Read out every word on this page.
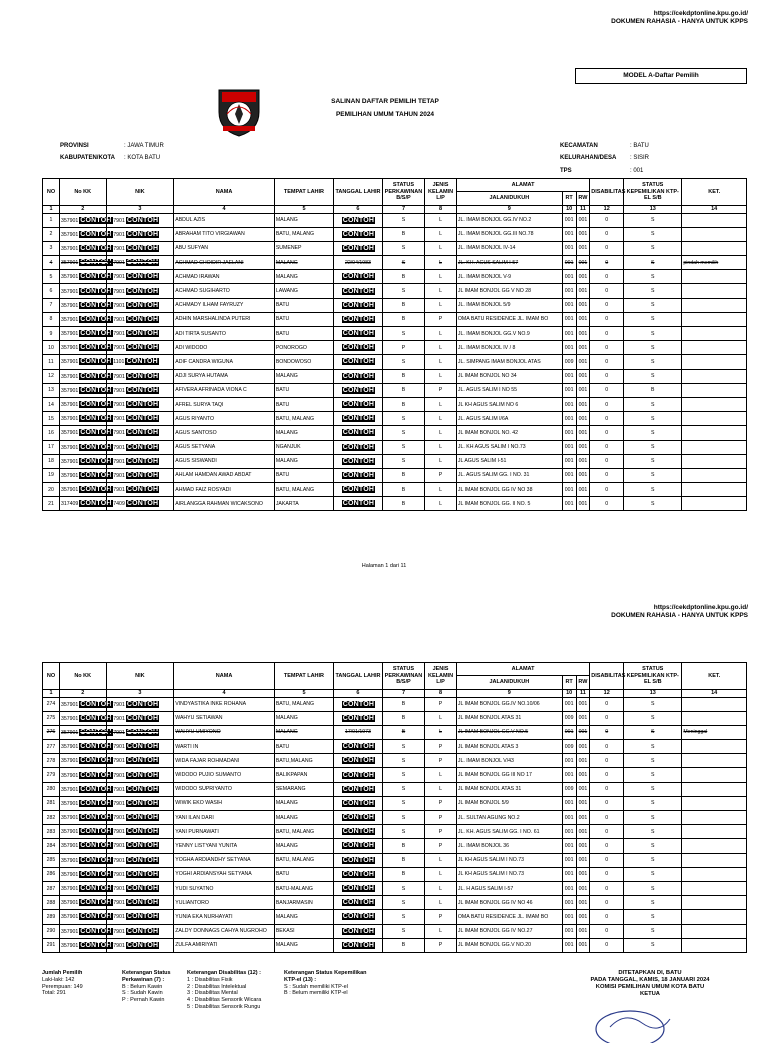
https://cekdptonline.kpu.go.id/
DOKUMEN RAHASIA - HANYA UNTUK KPPS
MODEL A-Daftar Pemilih
SALINAN DAFTAR PEMILIH TETAP
PEMILIHAN UMUM TAHUN 2024
PROVINSI	: JAWA TIMUR
KABUPATEN/KOTA : KOTA BATU
KECAMATAN	: BATU
KELURAHAN/DESA : SISIR
TPS	: 001
NO	No KK	NIK	NAMA	TEMPAT LAHIR	TANGGAL LAHIR	STATUS PERKAWINAN B/S/P	JENIS KELAMIN L/P	ALAMAT			DISABILITAS	STATUS KEPEMILIKAN KTP-EL S/B	KET.
								JALAN/DUKUH	RT	RW			
1	2	3	4	5	6	7	8	9	10	11	12	13	14
1	357901 CONTOH	357901 CONTOH	ABDUL AZIS	MALANG	CONTOH	S	L	JL. IMAM BONJOL GG.IV NO.2	001	001	0	S	
2	357901 CONTOH	357901 CONTOH	ABRAHAM TITO VIRGIAWAN	BATU, MALANG	CONTOH	B	L	JL. IMAM BONJOL GG.III NO.78	001	001	0	S	
3	357901 CONTOH	357901 CONTOH	ABU SUFYAN	SUMENEP	CONTOH	S	L	JL. IMAM BONJOL IV-14	001	001	0	S	
4	357901 CONTOH	357901 CONTOH	ACHMAD CHOIDIR JAELANI	MALANG	22/04/1983	S	L	JL. KH. AGUS SALIM I-57	001	001	0	S	pindah memilih
5	357901 CONTOH	357901 CONTOH	ACHMAD IRAWAN	MALANG	CONTOH	B	L	JL. IMAM BONJOL V-9	001	001	0	S	
6	357901 CONTOH	357901 CONTOH	ACHMAD SUGIHARTO	LAWANG	CONTOH	S	L	JL IMAM BONJOL GG V NO 28	001	001	0	S	
7	357901 CONTOH	357901 CONTOH	ACHMADY ILHAM FAYRUZY	BATU	CONTOH	B	L	JL. IMAM BONJOL 5/9	001	001	0	S	
8	357901 CONTOH	357901 CONTOH	ADHIN MARSHALINDA PUTERI	BATU	CONTOH	B	P	OMA BATU RESIDENCE JL. IMAM BO	001	001	0	S	
9	357901 CONTOH	357901 CONTOH	ADI TIRTA SUSANTO	BATU	CONTOH	S	L	JL. IMAM BONJOL GG.V NO.9	001	001	0	S	
10	357901 CONTOH	357901 CONTOH	ADI WIDODO	PONOROGO	CONTOH	P	L	JL. IMAM BONJOL IV / 8	001	001	0	S	
11	357901 CONTOH	351101 CONTOH	ADIF CANDRA WIGUNA	BONDOWOSO	CONTOH	S	L	JL. SIMPANG IMAM BONJOL ATAS	009	001	0	S	
12	357901 CONTOH	357901 CONTOH	ADJI SURYA HUTAMA	MALANG	CONTOH	B	L	JL IMAM BONJOL NO 34	001	001	0	S	
13	357901 CONTOH	357901 CONTOH	AFIVERA AFRINADA VIONA C	BATU	CONTOH	B	P	JL. AGUS SALIM I NO 55	001	001	0	B	
14	357901 CONTOH	357901 CONTOH	AFREL SURYA TAQI	BATU	CONTOH	B	L	JL KH AGUS SALIM NO 6	001	001	0	S	
15	357901 CONTOH	357901 CONTOH	AGUS RIYANTO	BATU, MALANG	CONTOH	S	L	JL. AGUS SALIM I/6A	001	001	0	S	
16	357901 CONTOH	357901 CONTOH	AGUS SANTOSO	MALANG	CONTOH	S	L	JL IMAM BONJOL NO. 42	001	001	0	S	
17	357901 CONTOH	357901 CONTOH	AGUS SETYANA	NGANJUK	CONTOH	S	L	JL. KH AGUS SALIM I NO.73	001	001	0	S	
18	357901 CONTOH	357901 CONTOH	AGUS SISWANDI	MALANG	CONTOH	S	L	JL AGUS SALIM I-51	001	001	0	S	
19	357901 CONTOH	357901 CONTOH	AHLAM HAMDAN AWAD ABDAT	BATU	CONTOH	B	P	JL. AGUS SALIM GG. I NO. 31	001	001	0	S	
20	357901 CONTOH	357901 CONTOH	AHMAD FAIZ ROSYADI	BATU, MALANG	CONTOH	B	L	JL IMAM BONJOL GG IV NO 38	001	001	0	S	
21	317409 CONTOH	317409 CONTOH	AIRLANGGA RAHMAN WICAKSONO	JAKARTA	CONTOH	B	L	JL IMAM BONJOL GG. II NO. 5	001	001	0	S	
Halaman 1 dari 11
https://cekdptonline.kpu.go.id/
DOKUMEN RAHASIA - HANYA UNTUK KPPS
NO	No KK	NIK	NAMA	TEMPAT LAHIR	TANGGAL LAHIR	STATUS PERKAWINAN B/S/P	JENIS KELAMIN L/P	ALAMAT			DISABILITAS	STATUS KEPEMILIKAN KTP-EL S/B	KET.
								JALAN/DUKUH	RT	RW			
1	2	3	4	5	6	7	8	9	10	11	12	13	14
274	357901 CONTOH	357901 CONTOH	VINDYASTIKA INKE ROHANA	BATU, MALANG	CONTOH	B	P	JL IMAM BONJOL GG.IV NO.10/06	001	001	0	S	
275	357901 CONTOH	357901 CONTOH	WAHYU SETIAWAN	MALANG	CONTOH	B	L	JL IMAM BONJOL ATAS 31	009	001	0	S	
276	357901 CONTOH	357901 CONTOH	WAHYU UMIYONO	MALANG	17/01/1973	B	L	JL IMAM BONJOL GG.V NO.5	001	001	0	S	Meninggal
277	357901 CONTOH	357901 CONTOH	WARTI IN	BATU	CONTOH	S	P	JL IMAM BONJOL ATAS 3	009	001	0	S	
278	357901 CONTOH	357901 CONTOH	WIDA FAJAR ROHMADANI	BATU,MALANG	CONTOH	S	P	JL. IMAM BONJOL V/43	001	001	0	S	
279	357901 CONTOH	357901 CONTOH	WIDODO PUJIO SUMANTO	BALIKPAPAN	CONTOH	S	L	JL IMAM BONJOL GG III NO 17	001	001	0	S	
280	357901 CONTOH	357901 CONTOH	WIDODO SUPRIYANTO	SEMARANG	CONTOH	S	L	JL IMAM BONJOL ATAS 31	009	001	0	S	
281	357901 CONTOH	357901 CONTOH	WIWIK EKO WASIH	MALANG	CONTOH	S	P	JL IMAM BONJOL 5/9	001	001	0	S	
282	357901 CONTOH	357901 CONTOH	YANI ILAN DARI	MALANG	CONTOH	S	P	JL. SULTAN AGUNG NO.2	001	001	0	S	
283	357901 CONTOH	357901 CONTOH	YANI PURNAWATI	BATU, MALANG	CONTOH	S	P	JL. KH. AGUS SALIM GG. I NO. 61	001	001	0	S	
284	357901 CONTOH	357901 CONTOH	YENNY LISTYANI YUNITA	MALANG	CONTOH	B	P	JL. IMAM BONJOL 36	001	001	0	S	
285	357901 CONTOH	357901 CONTOH	YOGHA ARDIANDHY SETYANA	BATU, MALANG	CONTOH	B	L	JL KH AGUS SALIM I NO.73	001	001	0	S	
286	357901 CONTOH	357901 CONTOH	YOGHI ARDIANSYAH SETYANA	BATU	CONTOH	B	L	JL KH AGUS SALIM I NO.73	001	001	0	S	
287	357901 CONTOH	357901 CONTOH	YUDI SUYATNO	BATU-MALANG	CONTOH	S	L	JL. H AGUS SALIM I-57	001	001	0	S	
288	357901 CONTOH	357901 CONTOH	YULIANTORO	BANJARMASIN	CONTOH	S	L	JL IMAM BONJOL GG IV NO 46	001	001	0	S	
289	357901 CONTOH	357901 CONTOH	YUNIA EKA NURHAYATI	MALANG	CONTOH	S	P	OMA BATU RESIDENCE JL. IMAM BO	001	001	0	S	
290	357901 CONTOH	357901 CONTOH	ZALDY DONNAGS CAHYA NUGROHO	BEKASI	CONTOH	S	L	JL IMAM BONJOL GG IV NO.27	001	001	0	S	
291	357901 CONTOH	357901 CONTOH	ZULFA AMIRIYATI	MALANG	CONTOH	B	P	JL IMAM BONJOL GG.V NO.20	001	001	0	S	
Jumlah Pemilih
Laki-laki: 142
Perempuan: 149
Total: 291
Keterangan Status Perkawinan (7) :
B : Belum Kawin
S : Sudah Kawin
P : Pernah Kawin
Keterangan Disabilitas (12) :
1 : Disabilitas Fisik
2 : Disabilitas Intelektual
3 : Disabilitas Mental
4 : Disabilitas Sensorik Wicara
5 : Disabilitas Sensorik Rungu
Keterangan Status Kepemilikan KTP-el (13) :
S : Sudah memiliki KTP-el
B : Belum memiliki KTP-el
DITETAPKAN DI, BATU
PADA TANGGAL, KAMIS, 18 JANUARI 2024
KOMISI PEMILIHAN UMUM KOTA BATU
KETUA
